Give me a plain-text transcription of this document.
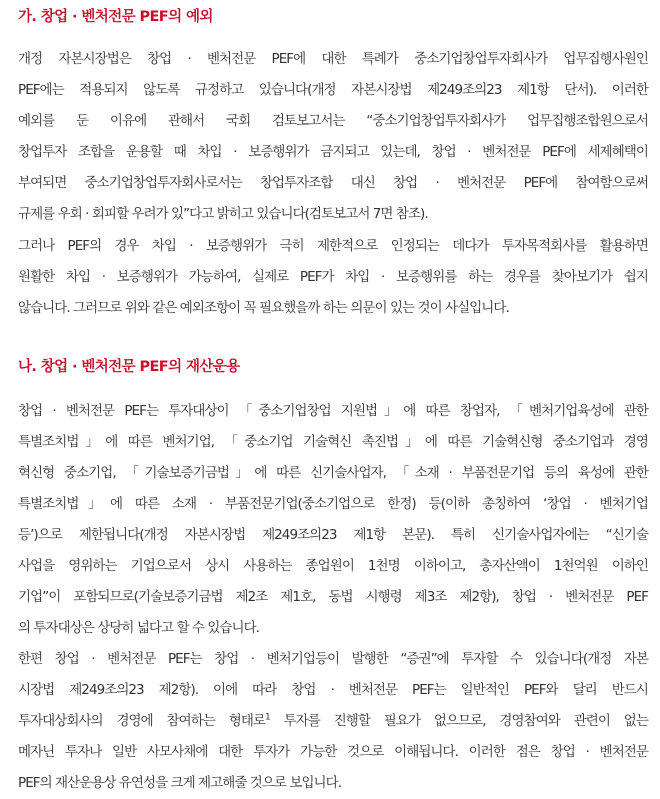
가. 창업 · 벤처전문 PEF의 예외
개정 자본시장법은 창업 · 벤처전문 PEF에 대한 특례가 중소기업창업투자회사가 업무집행사원인
PEF에는 적용되지 않도록 규정하고 있습니다(개정 자본시장법 제249조의23 제1항 단서). 이러한
예외를 둔 이유에 관해서 국회 검토보고서는 “중소기업창업투자회사가 업무집행조합원으로서
창업투자 조합을 운용할 때 차입 · 보증행위가 금지되고 있는데, 창업 · 벤처전문 PEF에 세제혜택이
부여되면 중소기업창업투자회사로서는 창업투자조합 대신 창업 · 벤처전문 PEF에 참여함으로써
규제를 우회 · 회피할 우려가 있”다고 밝히고 있습니다(검토보고서 7면 참조).
그러나 PEF의 경우 차입 · 보증행위가 극히 제한적으로 인정되는 데다가 투자목적회사를 활용하면
원활한 차입 · 보증행위가 가능하여, 실제로 PEF가 차입 · 보증행위를 하는 경우를 찾아보기가 쉽지
않습니다. 그러므로 위와 같은 예외조항이 꼭 필요했을까 하는 의문이 있는 것이 사실입니다.
나. 창업 · 벤처전문 PEF의 재산운용
창업 · 벤처전문 PEF는 투자대상이 「중소기업창업 지원법」에 따른 창업자, 「벤처기업육성에 관한
특별조치법」에 따른 벤처기업, 「중소기업 기술혁신 촉진법」에 따른 기술혁신형 중소기업과 경영
혁신형 중소기업, 「기술보증기금법」에 따른 신기술사업자, 「소재 · 부품전문기업 등의 육성에 관한
특별조치법」에 따른 소재 · 부품전문기업(중소기업으로 한정) 등(이하 총칭하여 ‘창업 · 벤처기업
등’)으로 제한됩니다(개정 자본시장법 제249조의23 제1항 본문). 특히 신기술사업자에는 “신기술
사업을 영위하는 기업으로서 상시 사용하는 종업원이 1천명 이하이고, 총자산액이 1천억원 이하인
기업”이 포함되므로(기술보증기금법 제2조 제1호, 동법 시행령 제3조 제2항), 창업 · 벤처전문 PEF
의 투자대상은 상당히 넓다고 할 수 있습니다.
한편 창업 · 벤처전문 PEF는 창업 · 벤처기업등이 발행한 “증권”에 투자할 수 있습니다(개정 자본
시장법 제249조의23 제2항). 이에 따라 창업 · 벤처전문 PEF는 일반적인 PEF와 달리 반드시
투자대상회사의 경영에 참여하는 형태로$^1$ 투자를 진행할 필요가 없으므로, 경영참여와 관련이 없는
메자닌 투자나 일반 사모사채에 대한 투자가 가능한 것으로 이해됩니다. 이러한 점은 창업 · 벤처전문
PEF의 재산운용상 유연성을 크게 제고해줄 것으로 보입니다.
